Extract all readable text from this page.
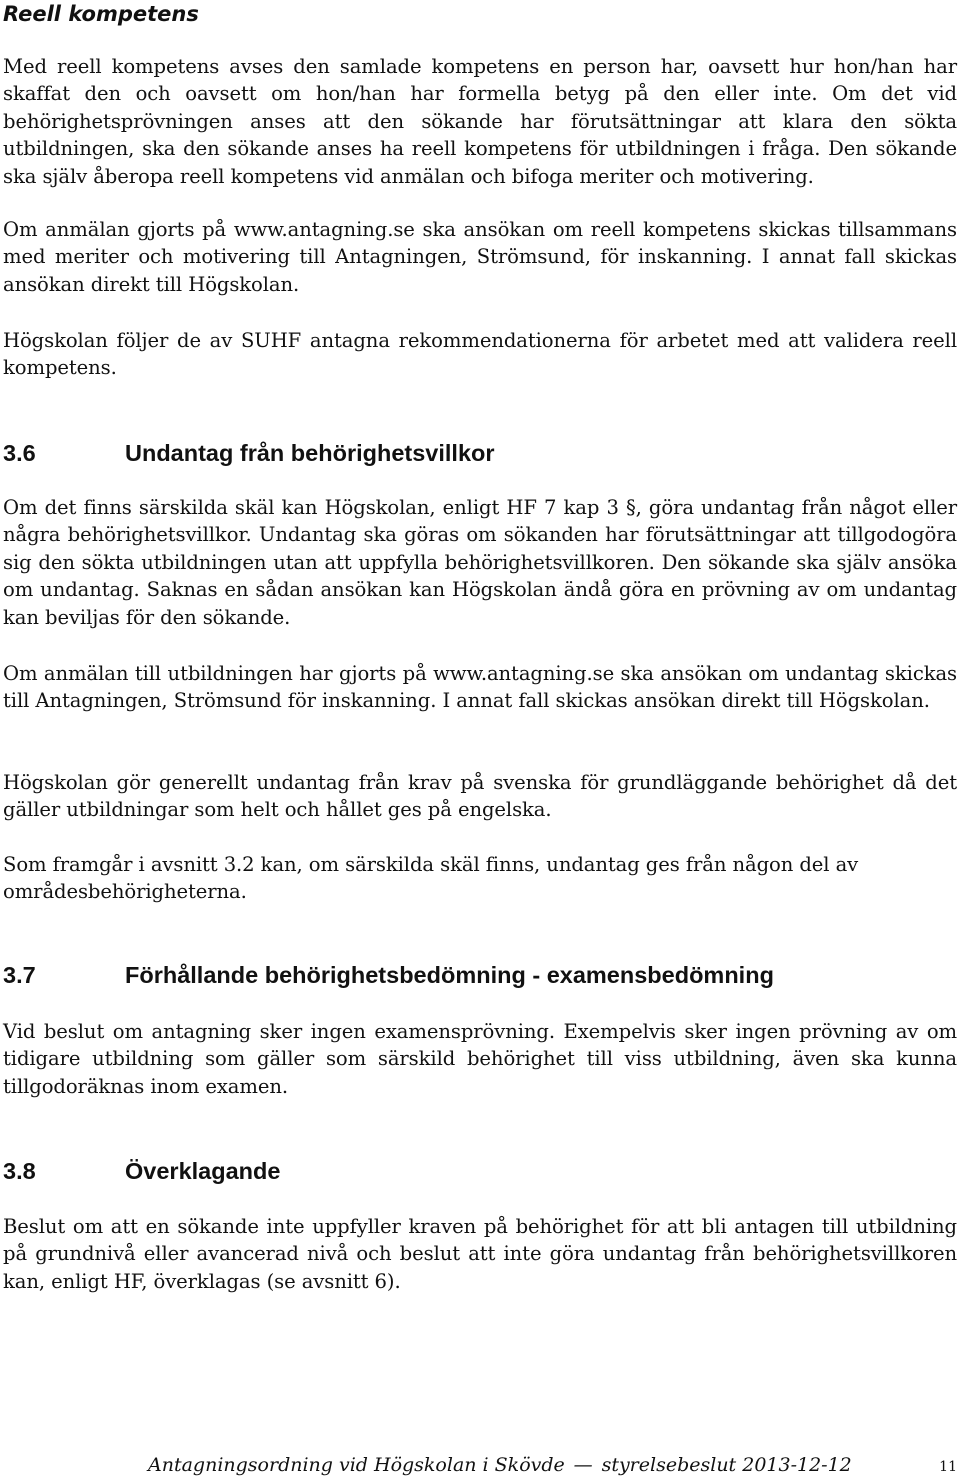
Reell kompetens

Med reell kompetens avses den samlade kompetens en person har, oavsett hur hon/han har skaffat den och oavsett om hon/han har formella betyg på den eller inte. Om det vid behörighetsprövningen anses att den sökande har förutsättningar att klara den sökta utbildningen, ska den sökande anses ha reell kompetens för utbildningen i fråga. Den sökande ska själv åberopa reell kompetens vid anmälan och bifoga meriter och motivering.

Om anmälan gjorts på www.antagning.se ska ansökan om reell kompetens skickas tillsammans med meriter och motivering till Antagningen, Strömsund, för inskanning. I annat fall skickas ansökan direkt till Högskolan.

Högskolan följer de av SUHF antagna rekommendationerna för arbetet med att validera reell kompetens.

3.6	Undantag från behörighetsvillkor

Om det finns särskilda skäl kan Högskolan, enligt HF 7 kap 3 §, göra undantag från något eller några behörighetsvillkor. Undantag ska göras om sökanden har förutsättningar att tillgodogöra sig den sökta utbildningen utan att uppfylla behörighetsvillkoren. Den sökande ska själv ansöka om undantag. Saknas en sådan ansökan kan Högskolan ändå göra en prövning av om undantag kan beviljas för den sökande.

Om anmälan till utbildningen har gjorts på www.antagning.se ska ansökan om undantag skickas till Antagningen, Strömsund för inskanning. I annat fall skickas ansökan direkt till Högskolan.

Högskolan gör generellt undantag från krav på svenska för grundläggande behörighet då det gäller utbildningar som helt och hållet ges på engelska.

Som framgår i avsnitt 3.2 kan, om särskilda skäl finns, undantag ges från någon del av områdesbehörigheterna.

3.7	Förhållande behörighetsbedömning - examensbedömning

Vid beslut om antagning sker ingen examensprövning. Exempelvis sker ingen prövning av om tidigare utbildning som gäller som särskild behörighet till viss utbildning, även ska kunna tillgodoräknas inom examen.

3.8	Överklagande

Beslut om att en sökande inte uppfyller kraven på behörighet för att bli antagen till utbildning på grundnivå eller avancerad nivå och beslut att inte göra undantag från behörighetsvillkoren kan, enligt HF, överklagas (se avsnitt 6).

Antagningsordning vid Högskolan i Skövde — styrelsebeslut 2013-12-12	11
